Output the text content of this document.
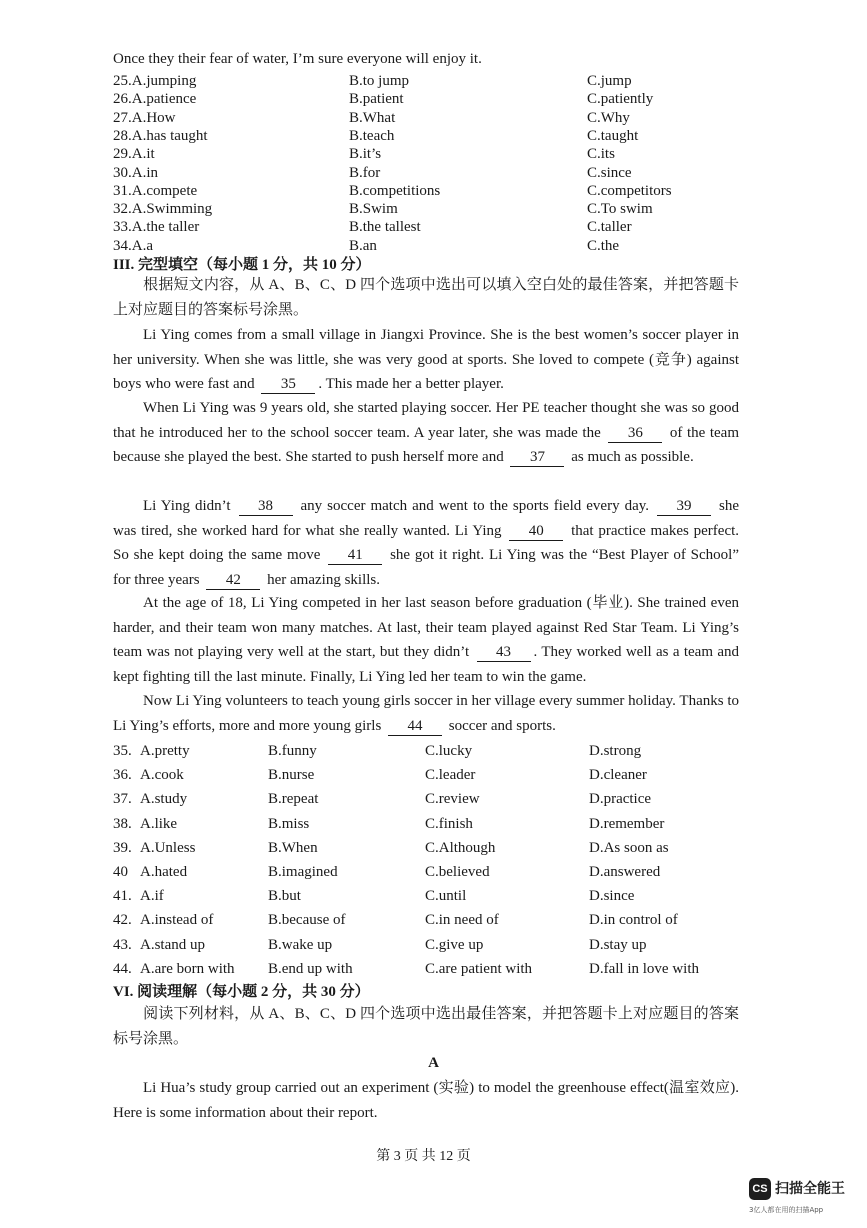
Once they their fear of water, I’m sure everyone will enjoy it.
25.A.jumping	B.to jump	C.jump
26.A.patience	B.patient	C.patiently
27.A.How	B.What	C.Why
28.A.has taught	B.teach	C.taught
29.A.it	B.it’s	C.its
30.A.in	B.for	C.since
31.A.compete	B.competitions	C.competitors
32.A.Swimming	B.Swim	C.To swim
33.A.the taller	B.the tallest	C.taller
34.A.a	B.an	C.the
III. 完型填空（每小题 1 分，共 10 分）
根据短文内容，从 A、B、C、D 四个选项中选出可以填入空白处的最佳答案，并把答题卡上对应题目的答案标号涂黑。
Li Ying comes from a small village in Jiangxi Province. She is the best women’s soccer player in her university. When she was little, she was very good at sports. She loved to compete (竞争) against boys who were fast and 35 . This made her a better player.
When Li Ying was 9 years old, she started playing soccer. Her PE teacher thought she was so good that he introduced her to the school soccer team. A year later, she was made the 36 of the team because she played the best. She started to push herself more and 37 as much as possible.
Li Ying didn’t 38 any soccer match and went to the sports field every day. 39 she was tired, she worked hard for what she really wanted. Li Ying 40 that practice makes perfect. So she kept doing the same move 41 she got it right. Li Ying was the “Best Player of School” for three years 42 her amazing skills.
At the age of 18, Li Ying competed in her last season before graduation (毕业). She trained even harder, and their team won many matches. At last, their team played against Red Star Team. Li Ying’s team was not playing very well at the start, but they didn’t 43 . They worked well as a team and kept fighting till the last minute. Finally, Li Ying led her team to win the game.
Now Li Ying volunteers to teach young girls soccer in her village every summer holiday. Thanks to Li Ying’s efforts, more and more young girls 44 soccer and sports.
35. A.pretty	B.funny	C.lucky	D.strong
36. A.cook	B.nurse	C.leader	D.cleaner
37. A.study	B.repeat	C.review	D.practice
38. A.like	B.miss	C.finish	D.remember
39. A.Unless	B.When	C.Although	D.As soon as
40 A.hated	B.imagined	C.believed	D.answered
41. A.if	B.but	C.until	D.since
42. A.instead of	B.because of	C.in need of	D.in control of
43. A.stand up	B.wake up	C.give up	D.stay up
44. A.are born with B.end up with	C.are patient with	D.fall in love with
VI. 阅读理解（每小题 2 分，共 30 分）
阅读下列材料，从 A、B、C、D 四个选项中选出最佳答案，并把答题卡上对应题目的答案标号涂黑。
A
Li Hua’s study group carried out an experiment (实验) to model the greenhouse effect(温室效应). Here is some information about their report.
第 3 页 共 12 页
CS 扫描全能王
3亿人都在用的扫描App
